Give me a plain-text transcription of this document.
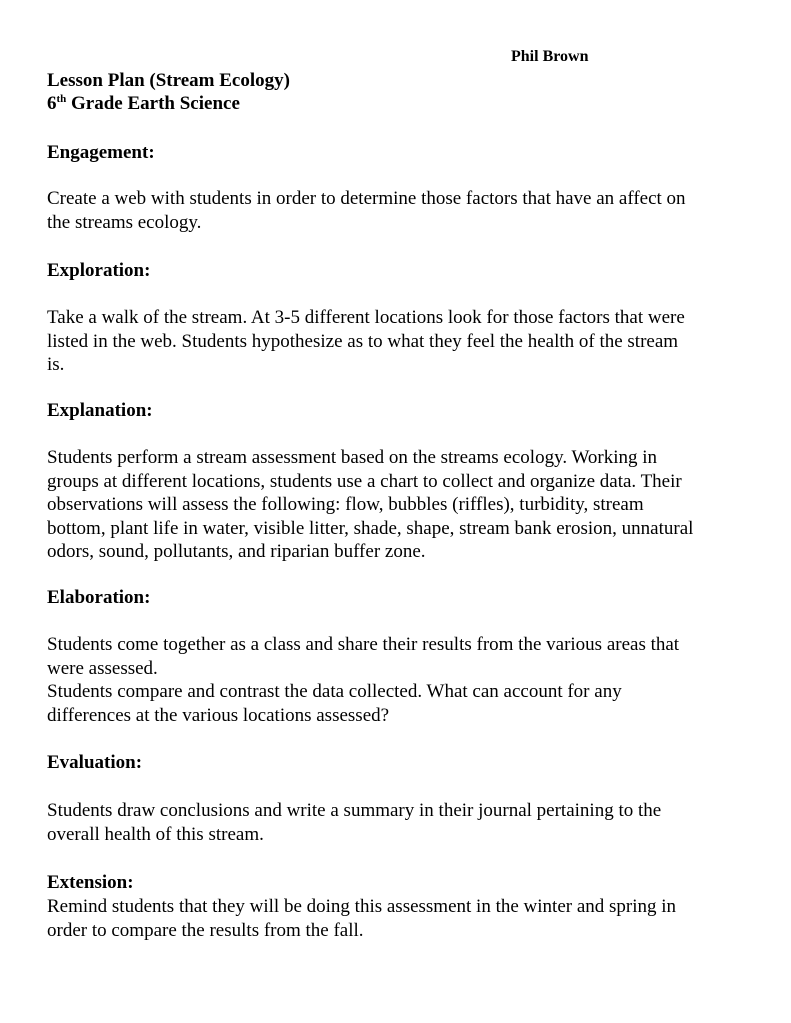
Phil Brown
Lesson Plan (Stream Ecology)
6th Grade Earth Science
Engagement:
Create a web with students in order to determine those factors that have an affect on
the streams ecology.
Exploration:
Take a walk of the stream. At 3-5 different locations look for those factors that were
listed in the web. Students hypothesize as to what they feel the health of the stream
is.
Explanation:
Students perform a stream assessment based on the streams ecology. Working in
groups at different locations, students use a chart to collect and organize data. Their
observations will assess the following: flow, bubbles (riffles), turbidity, stream
bottom, plant life in water, visible litter, shade, shape, stream bank erosion, unnatural
odors, sound, pollutants, and riparian buffer zone.
Elaboration:
Students come together as a class and share their results from the various areas that
were assessed.
Students compare and contrast the data collected. What can account for any
differences at the various locations assessed?
Evaluation:
Students draw conclusions and write a summary in their journal pertaining to the
overall health of this stream.
Extension:
Remind students that they will be doing this assessment in the winter and spring in
order to compare the results from the fall.
